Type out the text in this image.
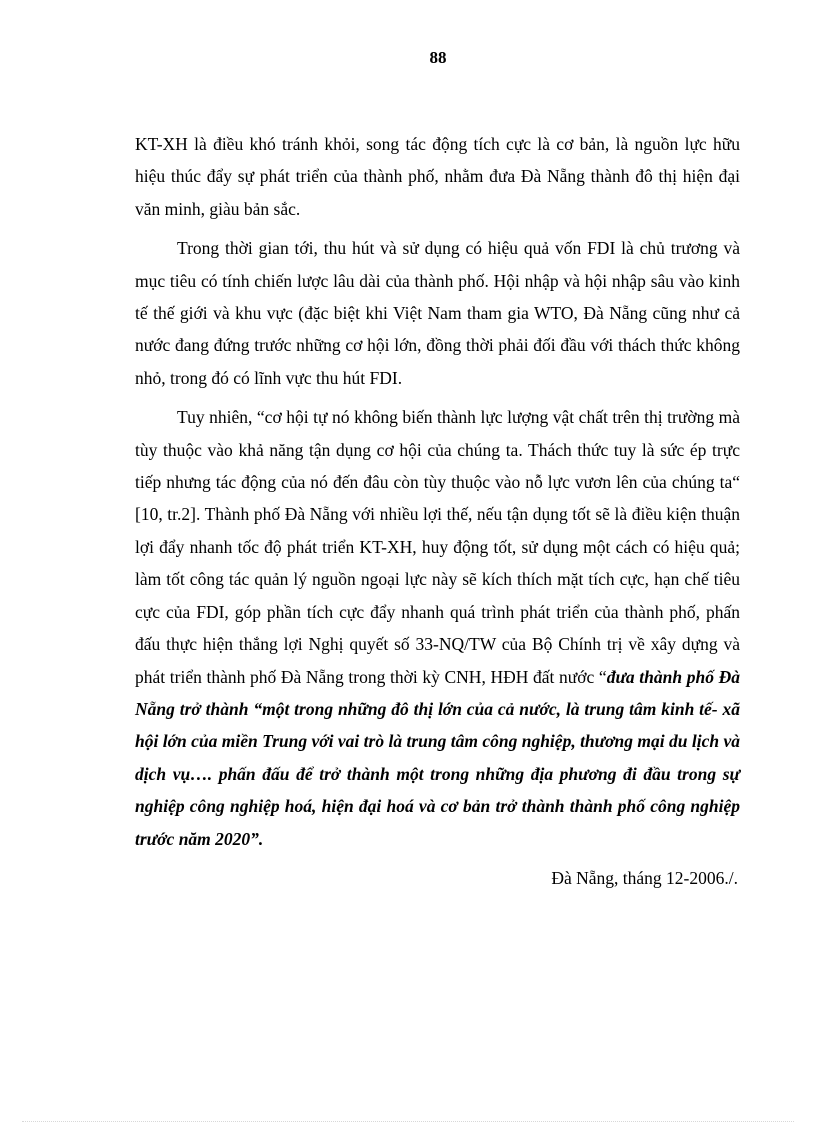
88

KT-XH là điều khó tránh khỏi, song tác động tích cực là cơ bản, là nguồn lực hữu hiệu thúc đẩy sự phát triển của thành phố, nhằm đưa Đà Nẵng thành đô thị hiện đại văn minh, giàu bản sắc.

Trong thời gian tới, thu hút và sử dụng có hiệu quả vốn FDI là chủ trương và mục tiêu có tính chiến lược lâu dài của thành phố. Hội nhập và hội nhập sâu vào kinh tế thế giới và khu vực (đặc biệt khi Việt Nam tham gia WTO, Đà Nẵng cũng như cả nước đang đứng trước những cơ hội lớn, đồng thời phải đối đầu với thách thức không nhỏ, trong đó có lĩnh vực thu hút FDI.

Tuy nhiên, “cơ hội tự nó không biến thành lực lượng vật chất trên thị trường mà tùy thuộc vào khả năng tận dụng cơ hội của chúng ta. Thách thức tuy là sức ép trực tiếp nhưng tác động của nó đến đâu còn tùy thuộc vào nỗ lực vươn lên của chúng ta“ [10, tr.2]. Thành phố Đà Nẵng với nhiều lợi thế, nếu tận dụng tốt sẽ là điều kiện thuận lợi đẩy nhanh tốc độ phát triển KT-XH, huy động tốt, sử dụng một cách có hiệu quả; làm tốt công tác quản lý nguồn ngoại lực này sẽ kích thích mặt tích cực, hạn chế tiêu cực của FDI, góp phần tích cực đẩy nhanh quá trình phát triển của thành phố, phấn đấu thực hiện thắng lợi Nghị quyết số 33-NQ/TW của Bộ Chính trị về xây dựng và phát triển thành phố Đà Nẵng trong thời kỳ CNH, HĐH đất nước “đưa thành phố Đà Nẵng trở thành “một trong những đô thị lớn của cả nước, là trung tâm kinh tế- xã hội lớn của miền Trung với vai trò là trung tâm công nghiệp, thương mại du lịch và dịch vụ…. phấn đấu để trở thành một trong những địa phương đi đầu trong sự nghiệp công nghiệp hoá, hiện đại hoá và cơ bản trở thành thành phố công nghiệp trước năm 2020”.

Đà Nẵng, tháng 12-2006./.
